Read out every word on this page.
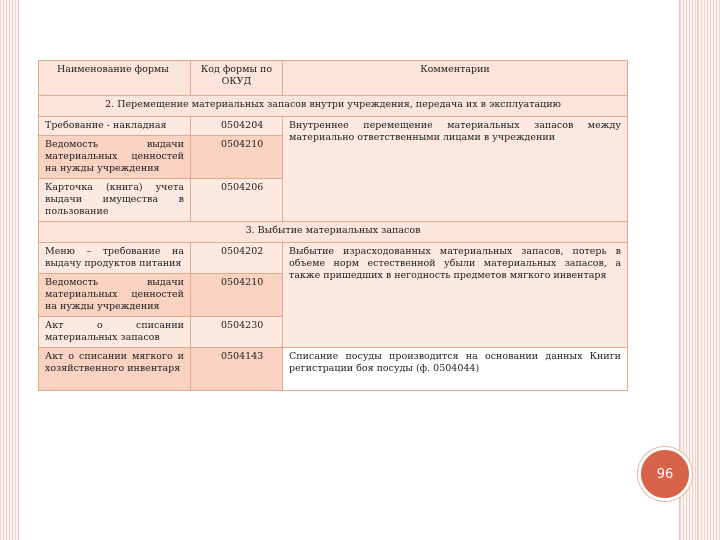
Наименование формы	Код формы по ОКУД	Комментарии
2. Перемещение материальных запасов внутри учреждения, передача их в эксплуатацию		
Требование - накладная	0504204	Внутреннее перемещение материальных запасов между материально ответственными лицами в учреждении
Ведомость выдачи материальных ценностей на нужды учреждения	0504210	
Карточка (книга) учета выдачи имущества в пользование	0504206	
3. Выбытие материальных запасов		
Меню – требование на выдачу продуктов питания	0504202	Выбытие израсходованных материальных запасов, потерь в объеме норм естественной убыли материальных запасов, а также пришедших в негодность предметов мягкого инвентаря
Ведомость выдачи материальных ценностей на нужды учреждения	0504210	
Акт о списании материальных запасов	0504230	
Акт о списании мягкого и хозяйственного инвентаря	0504143	Списание посуды производится на основании данных Книги регистрации боя посуды (ф. 0504044)
96
